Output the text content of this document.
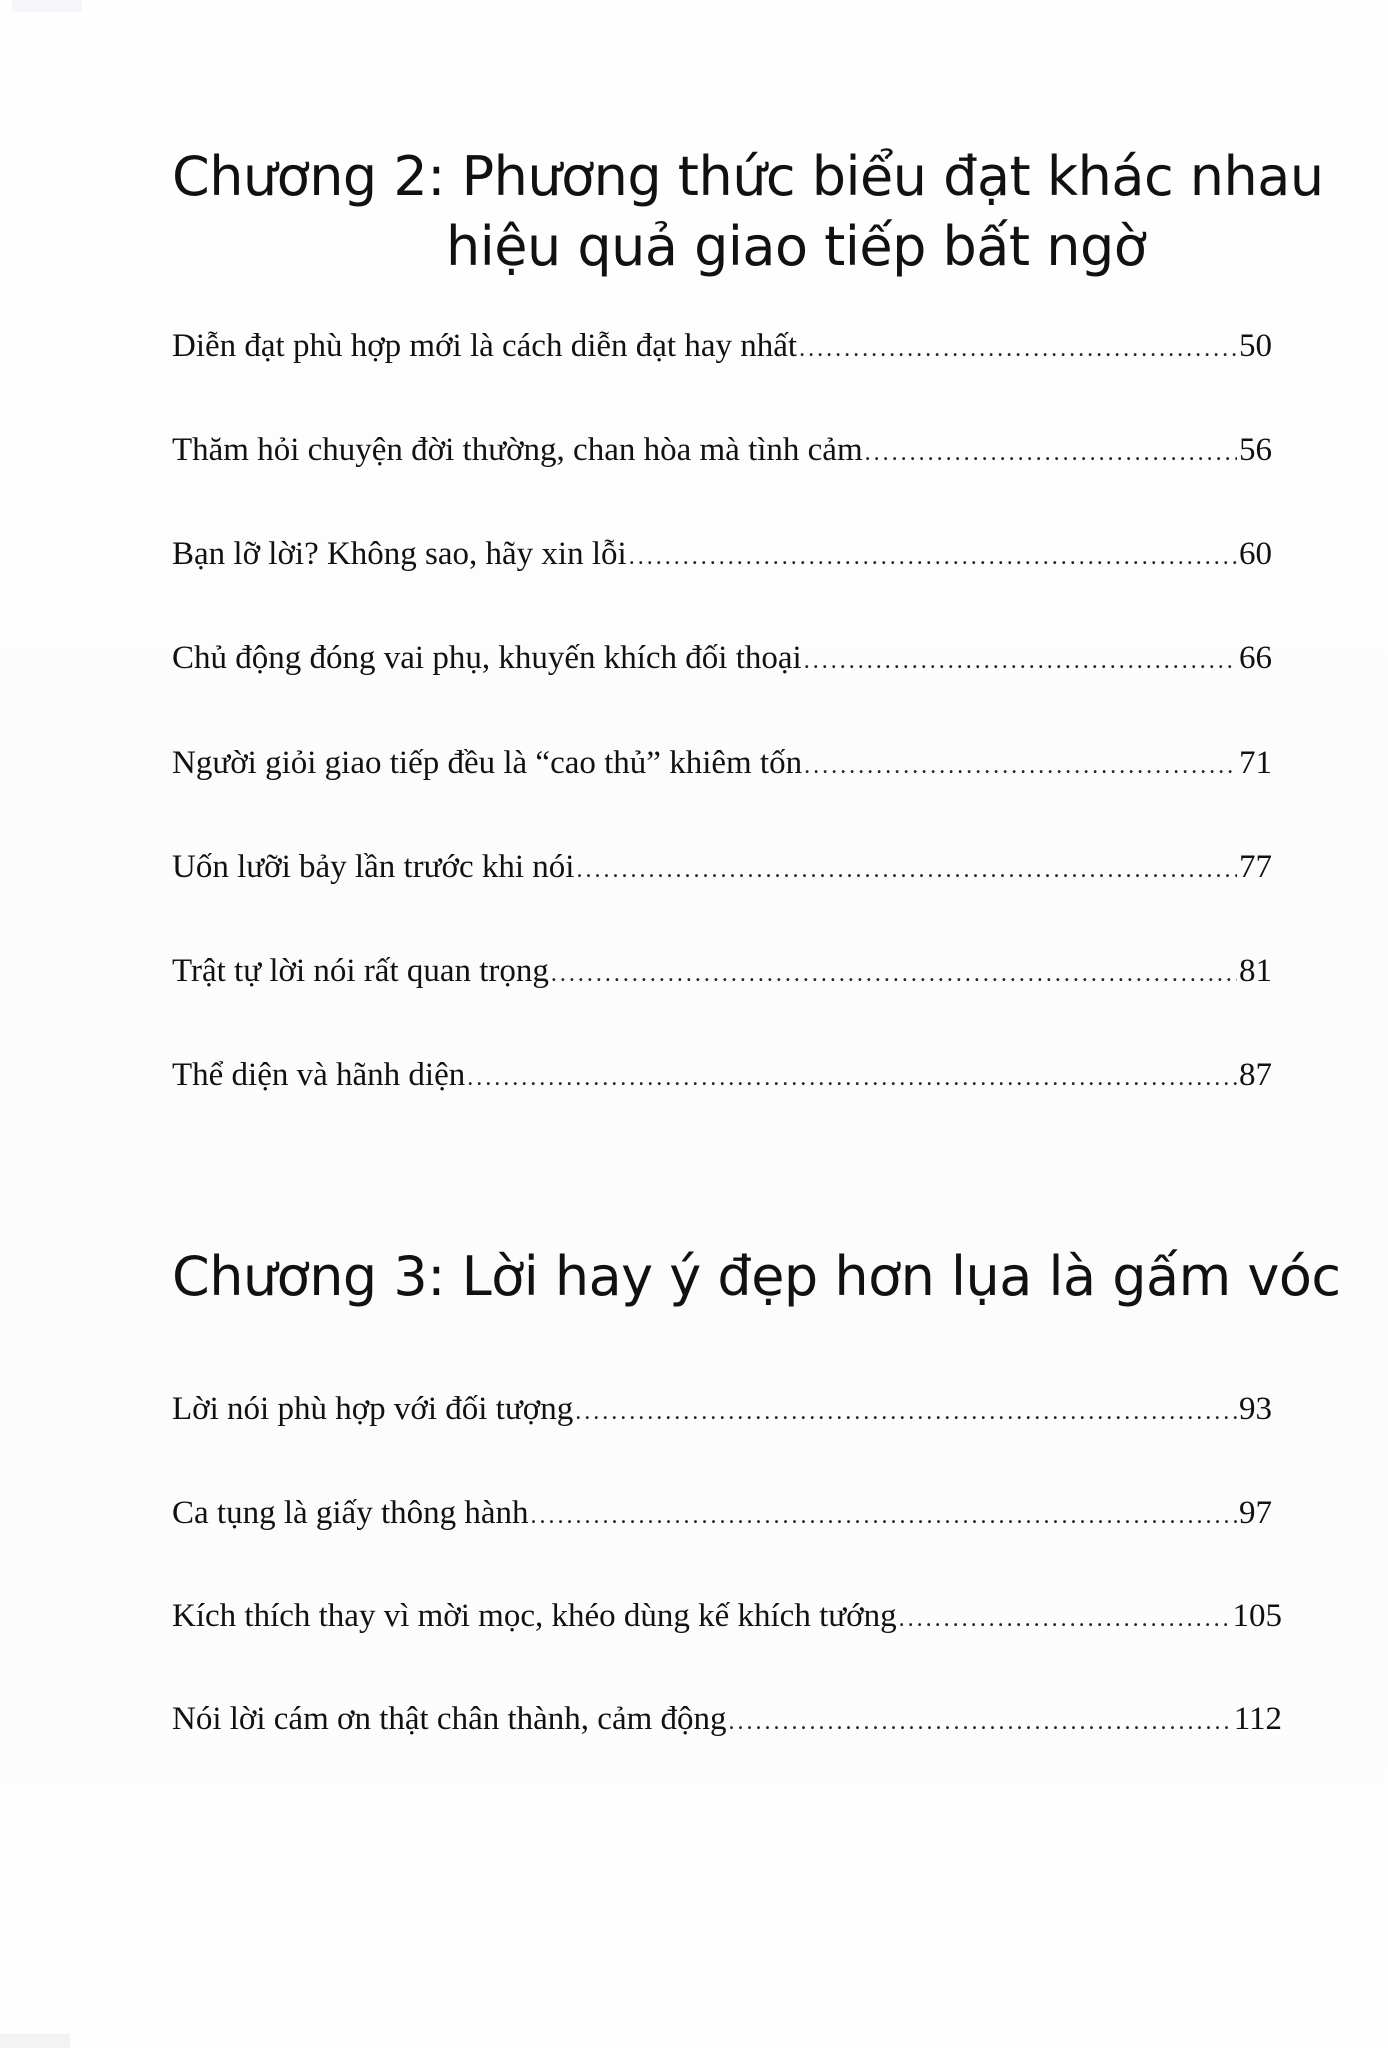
Chương 2: Phương thức biểu đạt khác nhau
hiệu quả giao tiếp bất ngờ
Diễn đạt phù hợp mới là cách diễn đạt hay nhất .....	50
Thăm hỏi chuyện đời thường, chan hòa mà tình cảm .....	56
Bạn lỡ lời? Không sao, hãy xin lỗi .....	60
Chủ động đóng vai phụ, khuyến khích đối thoại .....	66
Người giỏi giao tiếp đều là “cao thủ” khiêm tốn .....	71
Uốn lưỡi bảy lần trước khi nói .....	77
Trật tự lời nói rất quan trọng .....	81
Thể diện và hãnh diện .....	87
Chương 3: Lời hay ý đẹp hơn lụa là gấm vóc
Lời nói phù hợp với đối tượng .....	93
Ca tụng là giấy thông hành .....	97
Kích thích thay vì mời mọc, khéo dùng kế khích tướng .....	105
Nói lời cám ơn thật chân thành, cảm động .....	112
